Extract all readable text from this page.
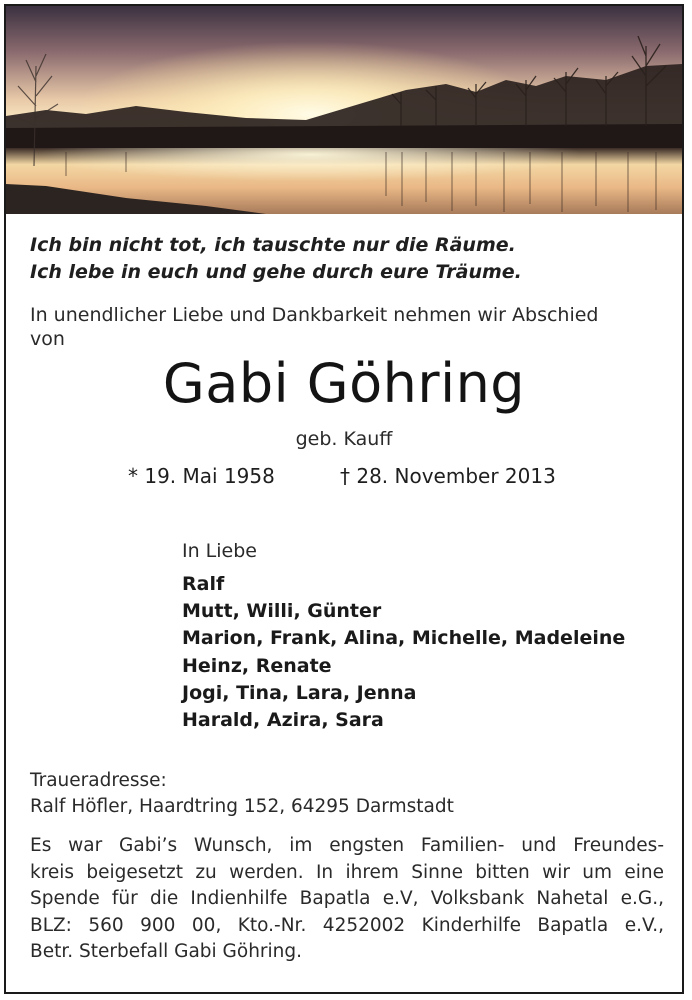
Ich bin nicht tot, ich tauschte nur die Räume.
Ich lebe in euch und gehe durch eure Träume.
In unendlicher Liebe und Dankbarkeit nehmen wir Abschied
von
Gabi Göhring
geb. Kauff
* 19. Mai 1958	† 28. November 2013
In Liebe
Ralf
Mutt, Willi, Günter
Marion, Frank, Alina, Michelle, Madeleine
Heinz, Renate
Jogi, Tina, Lara, Jenna
Harald, Azira, Sara
Traueradresse:
Ralf Höfler, Haardtring 152, 64295 Darmstadt
Es war Gabi’s Wunsch, im engsten Familien- und Freundes-
kreis beigesetzt zu werden. In ihrem Sinne bitten wir um eine
Spende für die Indienhilfe Bapatla e.V, Volksbank Nahetal e.G.,
BLZ: 560 900 00, Kto.-Nr. 4252002 Kinderhilfe Bapatla e.V.,
Betr. Sterbefall Gabi Göhring.
